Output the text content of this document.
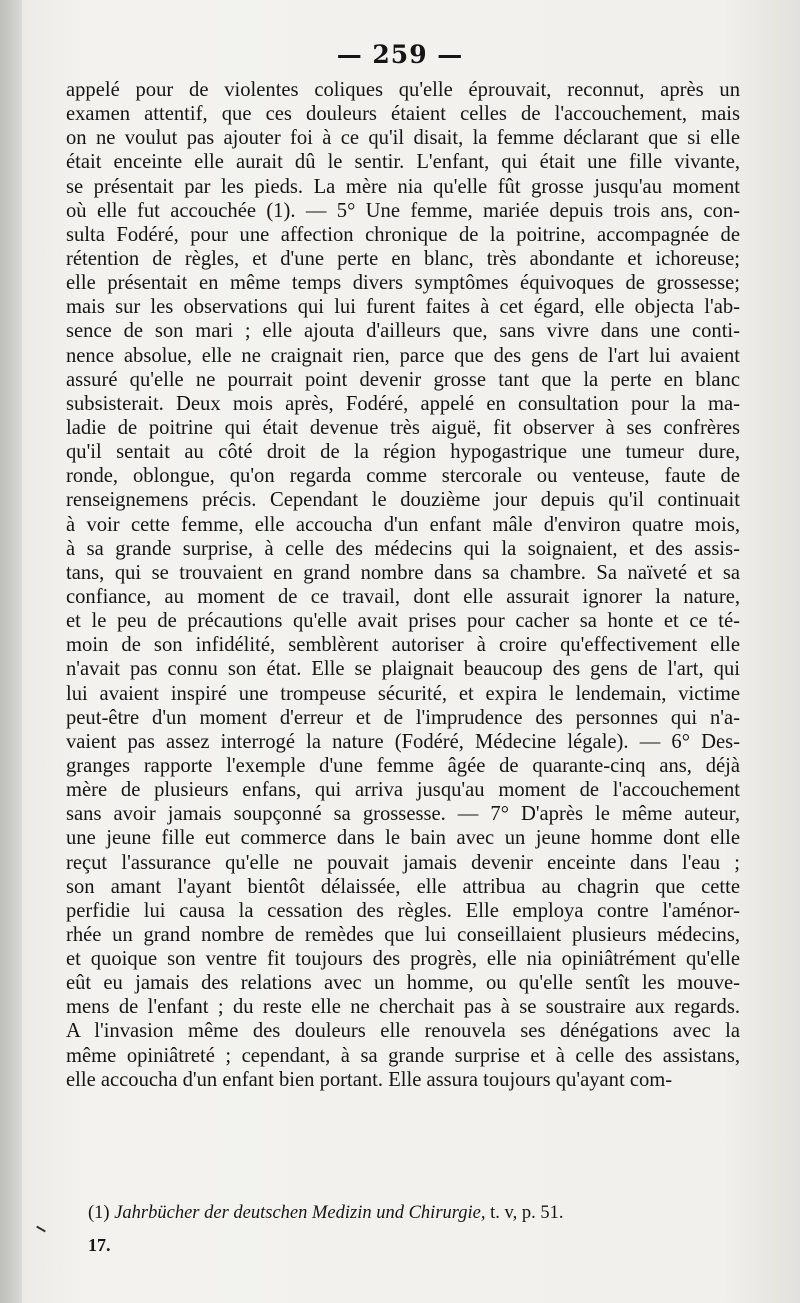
— 259 —
appelé pour de violentes coliques qu'elle éprouvait, reconnut, après un
examen attentif, que ces douleurs étaient celles de l'accouchement, mais
on ne voulut pas ajouter foi à ce qu'il disait, la femme déclarant que si elle
était enceinte elle aurait dû le sentir. L'enfant, qui était une fille vivante,
se présentait par les pieds. La mère nia qu'elle fût grosse jusqu'au moment
où elle fut accouchée (1). — 5° Une femme, mariée depuis trois ans, con-
sulta Fodéré, pour une affection chronique de la poitrine, accompagnée de
rétention de règles, et d'une perte en blanc, très abondante et ichoreuse;
elle présentait en même temps divers symptômes équivoques de grossesse;
mais sur les observations qui lui furent faites à cet égard, elle objecta l'ab-
sence de son mari ; elle ajouta d'ailleurs que, sans vivre dans une conti-
nence absolue, elle ne craignait rien, parce que des gens de l'art lui avaient
assuré qu'elle ne pourrait point devenir grosse tant que la perte en blanc
subsisterait. Deux mois après, Fodéré, appelé en consultation pour la ma-
ladie de poitrine qui était devenue très aiguë, fit observer à ses confrères
qu'il sentait au côté droit de la région hypogastrique une tumeur dure,
ronde, oblongue, qu'on regarda comme stercorale ou venteuse, faute de
renseignemens précis. Cependant le douzième jour depuis qu'il continuait
à voir cette femme, elle accoucha d'un enfant mâle d'environ quatre mois,
à sa grande surprise, à celle des médecins qui la soignaient, et des assis-
tans, qui se trouvaient en grand nombre dans sa chambre. Sa naïveté et sa
confiance, au moment de ce travail, dont elle assurait ignorer la nature,
et le peu de précautions qu'elle avait prises pour cacher sa honte et ce té-
moin de son infidélité, semblèrent autoriser à croire qu'effectivement elle
n'avait pas connu son état. Elle se plaignait beaucoup des gens de l'art, qui
lui avaient inspiré une trompeuse sécurité, et expira le lendemain, victime
peut-être d'un moment d'erreur et de l'imprudence des personnes qui n'a-
vaient pas assez interrogé la nature (Fodéré, Médecine légale). — 6° Des-
granges rapporte l'exemple d'une femme âgée de quarante-cinq ans, déjà
mère de plusieurs enfans, qui arriva jusqu'au moment de l'accouchement
sans avoir jamais soupçonné sa grossesse. — 7° D'après le même auteur,
une jeune fille eut commerce dans le bain avec un jeune homme dont elle
reçut l'assurance qu'elle ne pouvait jamais devenir enceinte dans l'eau ;
son amant l'ayant bientôt délaissée, elle attribua au chagrin que cette
perfidie lui causa la cessation des règles. Elle employa contre l'aménor-
rhée un grand nombre de remèdes que lui conseillaient plusieurs médecins,
et quoique son ventre fit toujours des progrès, elle nia opiniâtrément qu'elle
eût eu jamais des relations avec un homme, ou qu'elle sentît les mouve-
mens de l'enfant ; du reste elle ne cherchait pas à se soustraire aux regards.
A l'invasion même des douleurs elle renouvela ses dénégations avec la
même opiniâtreté ; cependant, à sa grande surprise et à celle des assistans,
elle accoucha d'un enfant bien portant. Elle assura toujours qu'ayant com-
(1) Jahrbücher der deutschen Medizin und Chirurgie, t. v, p. 51.
17.
